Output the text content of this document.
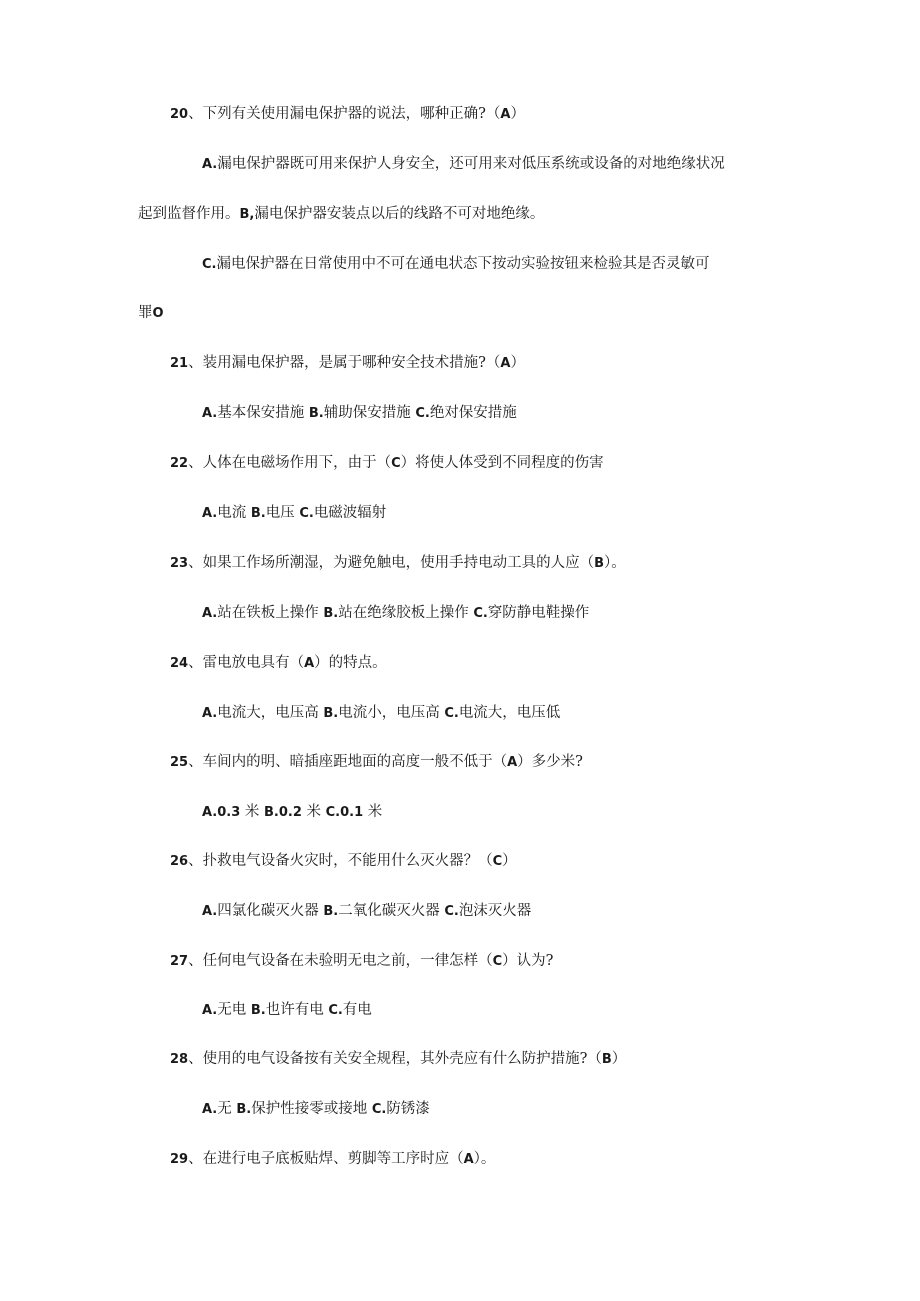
20、下列有关使用漏电保护器的说法，哪种正确?（A）
A.漏电保护器既可用来保护人身安全，还可用来对低压系统或设备的对地绝缘状况
起到监督作用。B,漏电保护器安装点以后的线路不可对地绝缘。
C.漏电保护器在日常使用中不可在通电状态下按动实验按钮来检验其是否灵敏可
罪O
21、装用漏电保护器，是属于哪种安全技术措施?（A）
A.基本保安措施 B.辅助保安措施 C.绝对保安措施
22、人体在电磁场作用下，由于（C）将使人体受到不同程度的伤害
A.电流 B.电压 C.电磁波辐射
23、如果工作场所潮湿，为避免触电，使用手持电动工具的人应（B）。
A.站在铁板上操作 B.站在绝缘胶板上操作 C.穿防静电鞋操作
24、雷电放电具有（A）的特点。
A.电流大，电压高 B.电流小，电压高 C.电流大，电压低
25、车间内的明、暗插座距地面的高度一般不低于（A）多少米?
A.0.3 米 B.0.2 米 C.0.1 米
26、扑救电气设备火灾时，不能用什么灭火器？（C）
A.四氯化碳灭火器 B.二氧化碳灭火器 C.泡沫灭火器
27、任何电气设备在未验明无电之前，一律怎样（C）认为?
A.无电 B.也许有电 C.有电
28、使用的电气设备按有关安全规程，其外壳应有什么防护措施?（B）
A.无 B.保护性接零或接地 C.防锈漆
29、在进行电子底板贴焊、剪脚等工序时应（A）。
